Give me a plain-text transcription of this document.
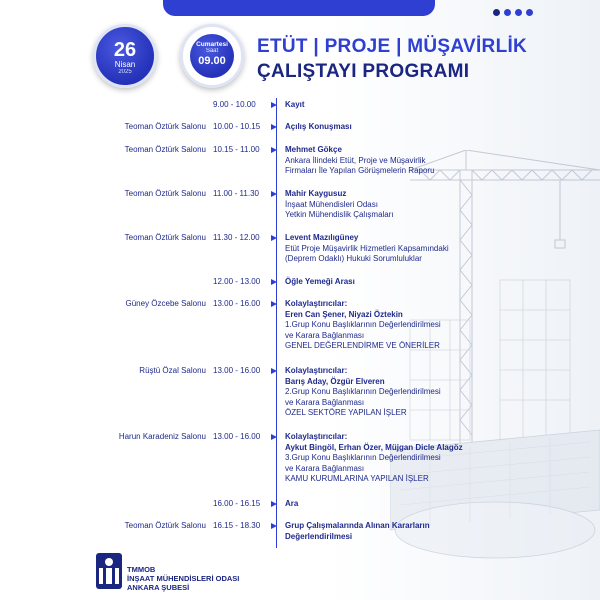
26
Nisan
2025
Cumartesi
Saat
09.00
ETÜT | PROJE | MÜŞAVİRLİK
ÇALIŞTAYI PROGRAMI
9.00 - 10.00	Kayıt
Teoman Öztürk Salonu 10.00 - 10.15	Açılış Konuşması
Teoman Öztürk Salonu 10.15 - 11.00	Mehmet Gökçe
Ankara İlindeki Etüt, Proje ve Müşavirlik
Firmaları İle Yapılan Görüşmelerin Raporu
Teoman Öztürk Salonu 11.00 - 11.30	Mahir Kaygusuz
İnşaat Mühendisleri Odası
Yetkin Mühendislik Çalışmaları
Teoman Öztürk Salonu 11.30 - 12.00	Levent Mazılıgüney
Etüt Proje Müşavirlik Hizmetleri Kapsamındaki
(Deprem Odaklı) Hukuki Sorumluluklar
12.00 - 13.00	Öğle Yemeği Arası
Güney Özcebe Salonu 13.00 - 16.00	Kolaylaştırıcılar:
Eren Can Şener, Niyazi Öztekin
1.Grup Konu Başlıklarının Değerlendirilmesi
ve Karara Bağlanması
GENEL DEĞERLENDİRME VE ÖNERİLER
Rüştü Özal Salonu 13.00 - 16.00	Kolaylaştırıcılar:
Barış Aday, Özgür Elveren
2.Grup Konu Başlıklarının Değerlendirilmesi
ve Karara Bağlanması
ÖZEL SEKTÖRE YAPILAN İŞLER
Harun Karadeniz Salonu 13.00 - 16.00	Kolaylaştırıcılar:
Aykut Bingöl, Erhan Özer, Müjgan Dicle Alagöz
3.Grup Konu Başlıklarının Değerlendirilmesi
ve Karara Bağlanması
KAMU KURUMLARINA YAPILAN İŞLER
16.00 - 16.15	Ara
Teoman Öztürk Salonu 16.15 - 18.30	Grup Çalışmalarında Alınan Kararların
Değerlendirilmesi
TMMOB
İNŞAAT MÜHENDİSLERİ ODASI
ANKARA ŞUBESİ
